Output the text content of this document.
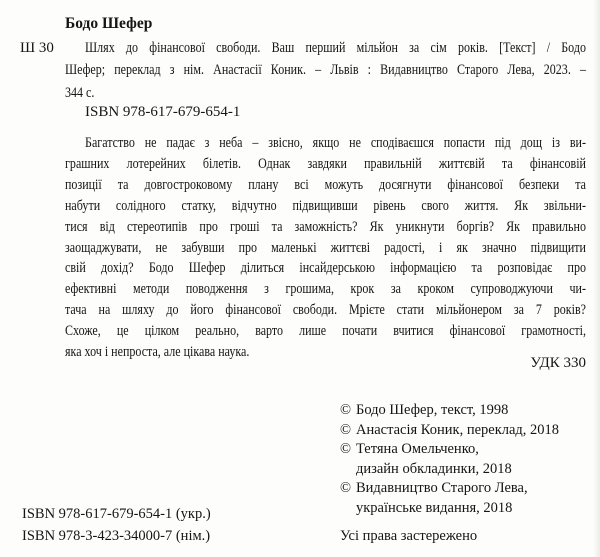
Бодо Шефер
Ш 30	Шлях до фінансової свободи. Ваш перший мільйон за сім років. [Текст] / Бодо
Шефер; переклад з нім. Анастасії Коник. – Львів : Видавництво Старого Лева, 2023. –
344 с.
ISBN 978-617-679-654-1
Багатство не падає з неба – звісно, якщо не сподіваєшся попасти під дощ із ви-
грашних лотерейних білетів. Однак завдяки правильній життєвій та фінансовій
позиції та довгостроковому плану всі можуть досягнути фінансової безпеки та
набути солідного статку, відчутно підвищивши рівень свого життя. Як звільни-
тися від стереотипів про гроші та заможність? Як уникнути боргів? Як правильно
заощаджувати, не забувши про маленькі життєві радості, і як значно підвищити
свій дохід? Бодо Шефер ділиться інсайдерською інформацією та розповідає про
ефективні методи поводження з грошима, крок за кроком супроводжуючи чи-
тача на шляху до його фінансової свободи. Мрієте стати мільйонером за 7 років?
Схоже, це цілком реально, варто лише почати вчитися фінансової грамотності,
яка хоч і непроста, але цікава наука.
УДК 330
© Бодо Шефер, текст, 1998
© Анастасія Коник, переклад, 2018
© Тетяна Омельченко,
дизайн обкладинки, 2018
© Видавництво Старого Лева,
українське видання, 2018
ISBN 978-617-679-654-1 (укр.)
ISBN 978-3-423-34000-7 (нім.)	Усі права застережено
